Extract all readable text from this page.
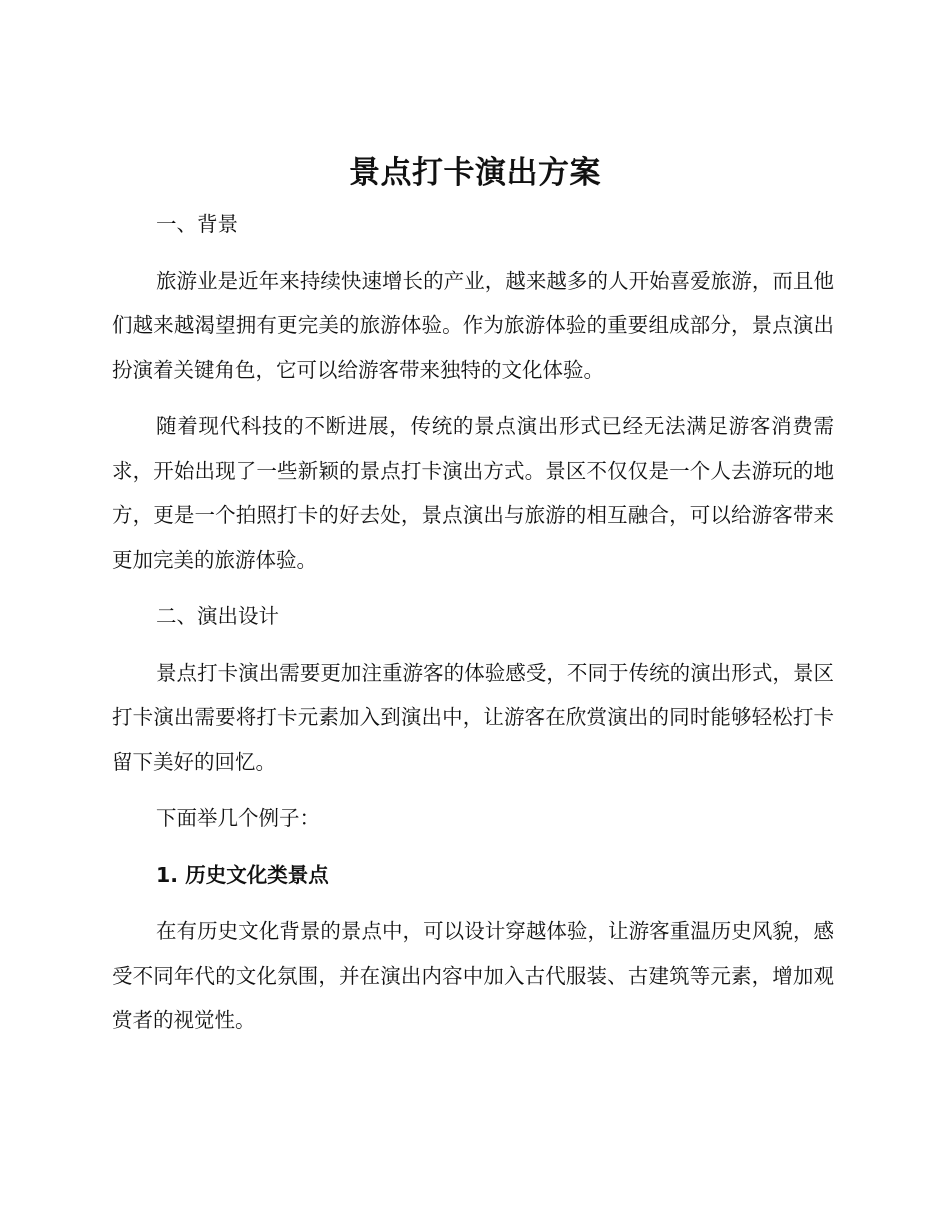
景点打卡演出方案
一、背景

旅游业是近年来持续快速增长的产业，越来越多的人开始喜爱旅游，而且他们越来越渴望拥有更完美的旅游体验。作为旅游体验的重要组成部分，景点演出扮演着关键角色，它可以给游客带来独特的文化体验。

随着现代科技的不断进展，传统的景点演出形式已经无法满足游客消费需求，开始出现了一些新颖的景点打卡演出方式。景区不仅仅是一个人去游玩的地方，更是一个拍照打卡的好去处，景点演出与旅游的相互融合，可以给游客带来更加完美的旅游体验。

二、演出设计

景点打卡演出需要更加注重游客的体验感受，不同于传统的演出形式，景区打卡演出需要将打卡元素加入到演出中，让游客在欣赏演出的同时能够轻松打卡留下美好的回忆。

下面举几个例子：

1. 历史文化类景点

在有历史文化背景的景点中，可以设计穿越体验，让游客重温历史风貌，感受不同年代的文化氛围，并在演出内容中加入古代服装、古建筑等元素，增加观赏者的视觉性。
